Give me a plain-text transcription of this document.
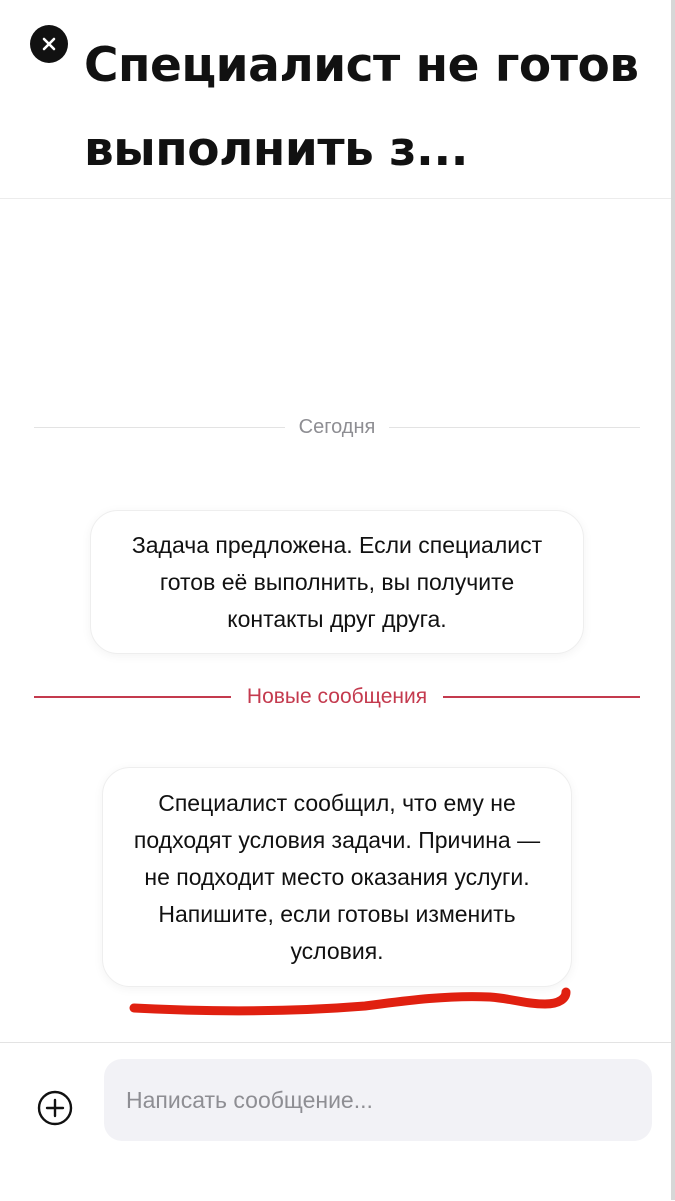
Специалист не готов выполнить з...
Сегодня
Задача предложена. Если специалист готов её выполнить, вы получите контакты друг друга.
Новые сообщения
Специалист сообщил, что ему не подходят условия задачи. Причина — не подходит место оказания услуги. Напишите, если готовы изменить условия.
Написать сообщение...
